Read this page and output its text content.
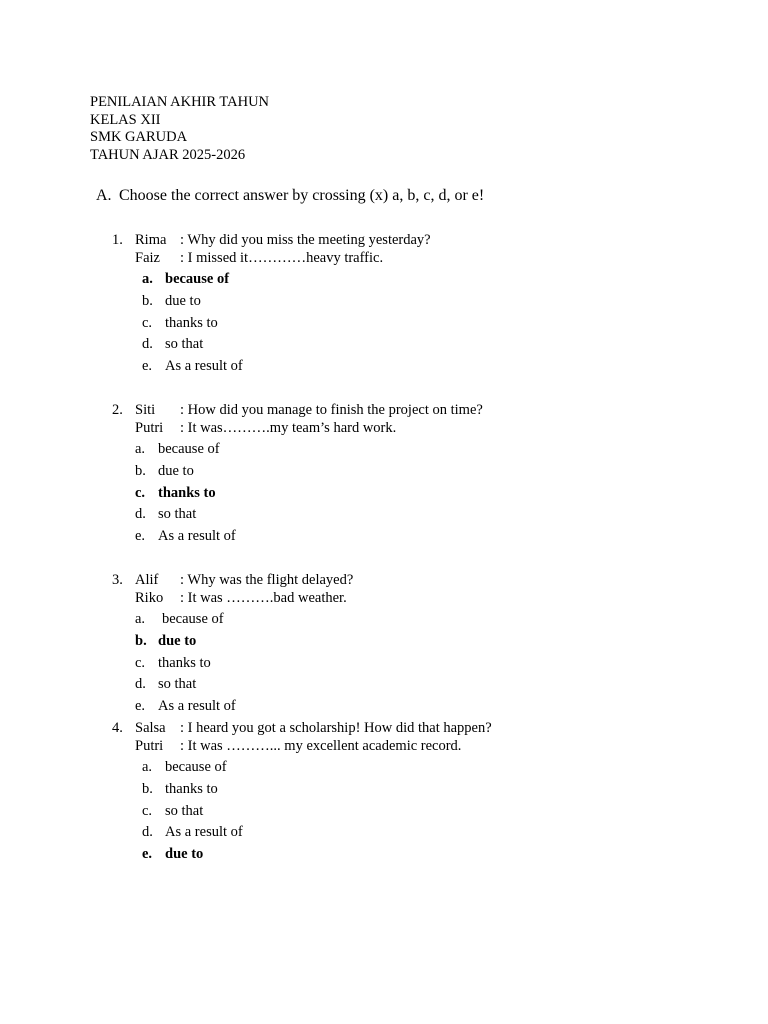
PENILAIAN AKHIR TAHUN
KELAS XII
SMK GARUDA
TAHUN AJAR 2025-2026
A. Choose the correct answer by crossing (x) a, b, c, d, or e!
1. Rima : Why did you miss the meeting yesterday?
Faiz : I missed it…………heavy traffic.
a. because of
b. due to
c. thanks to
d. so that
e. As a result of
2. Siti : How did you manage to finish the project on time?
Putri : It was……….my team’s hard work.
a. because of
b. due to
c. thanks to
d. so that
e. As a result of
3. Alif : Why was the flight delayed?
Riko : It was ……….bad weather.
a. because of
b. due to
c. thanks to
d. so that
e. As a result of
4. Salsa : I heard you got a scholarship! How did that happen?
Putri : It was ………... my excellent academic record.
a. because of
b. thanks to
c. so that
d. As a result of
e. due to
